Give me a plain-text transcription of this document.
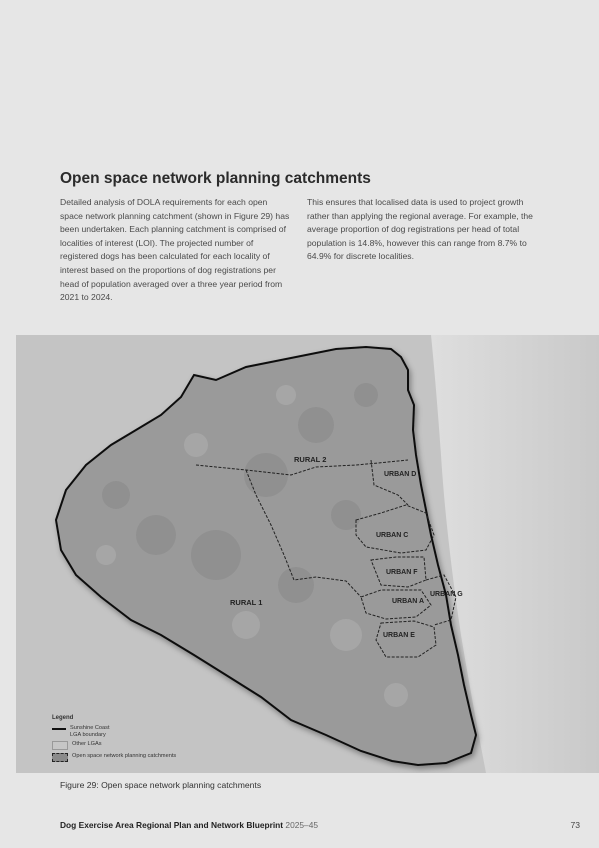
Open space network planning catchments
Detailed analysis of DOLA requirements for each open space network planning catchment (shown in Figure 29) has been undertaken. Each planning catchment is comprised of localities of interest (LOI). The projected number of registered dogs has been calculated for each locality of interest based on the proportions of dog registrations per head of population averaged over a three year period from 2021 to 2024.
This ensures that localised data is used to project growth rather than applying the regional average. For example, the average proportion of dog registrations per head of total population is 14.8%, however this can range from 8.7% to 64.9% for discrete localities.
RURAL 2
RURAL 1
URBAN D
URBAN C
URBAN F
URBAN A
URBAN G
URBAN E
Legend
Sunshine Coast LGA boundary
Other LGAs
Open space network planning catchments
Figure 29: Open space network planning catchments
Dog Exercise Area Regional Plan and Network Blueprint 2025–45	73
